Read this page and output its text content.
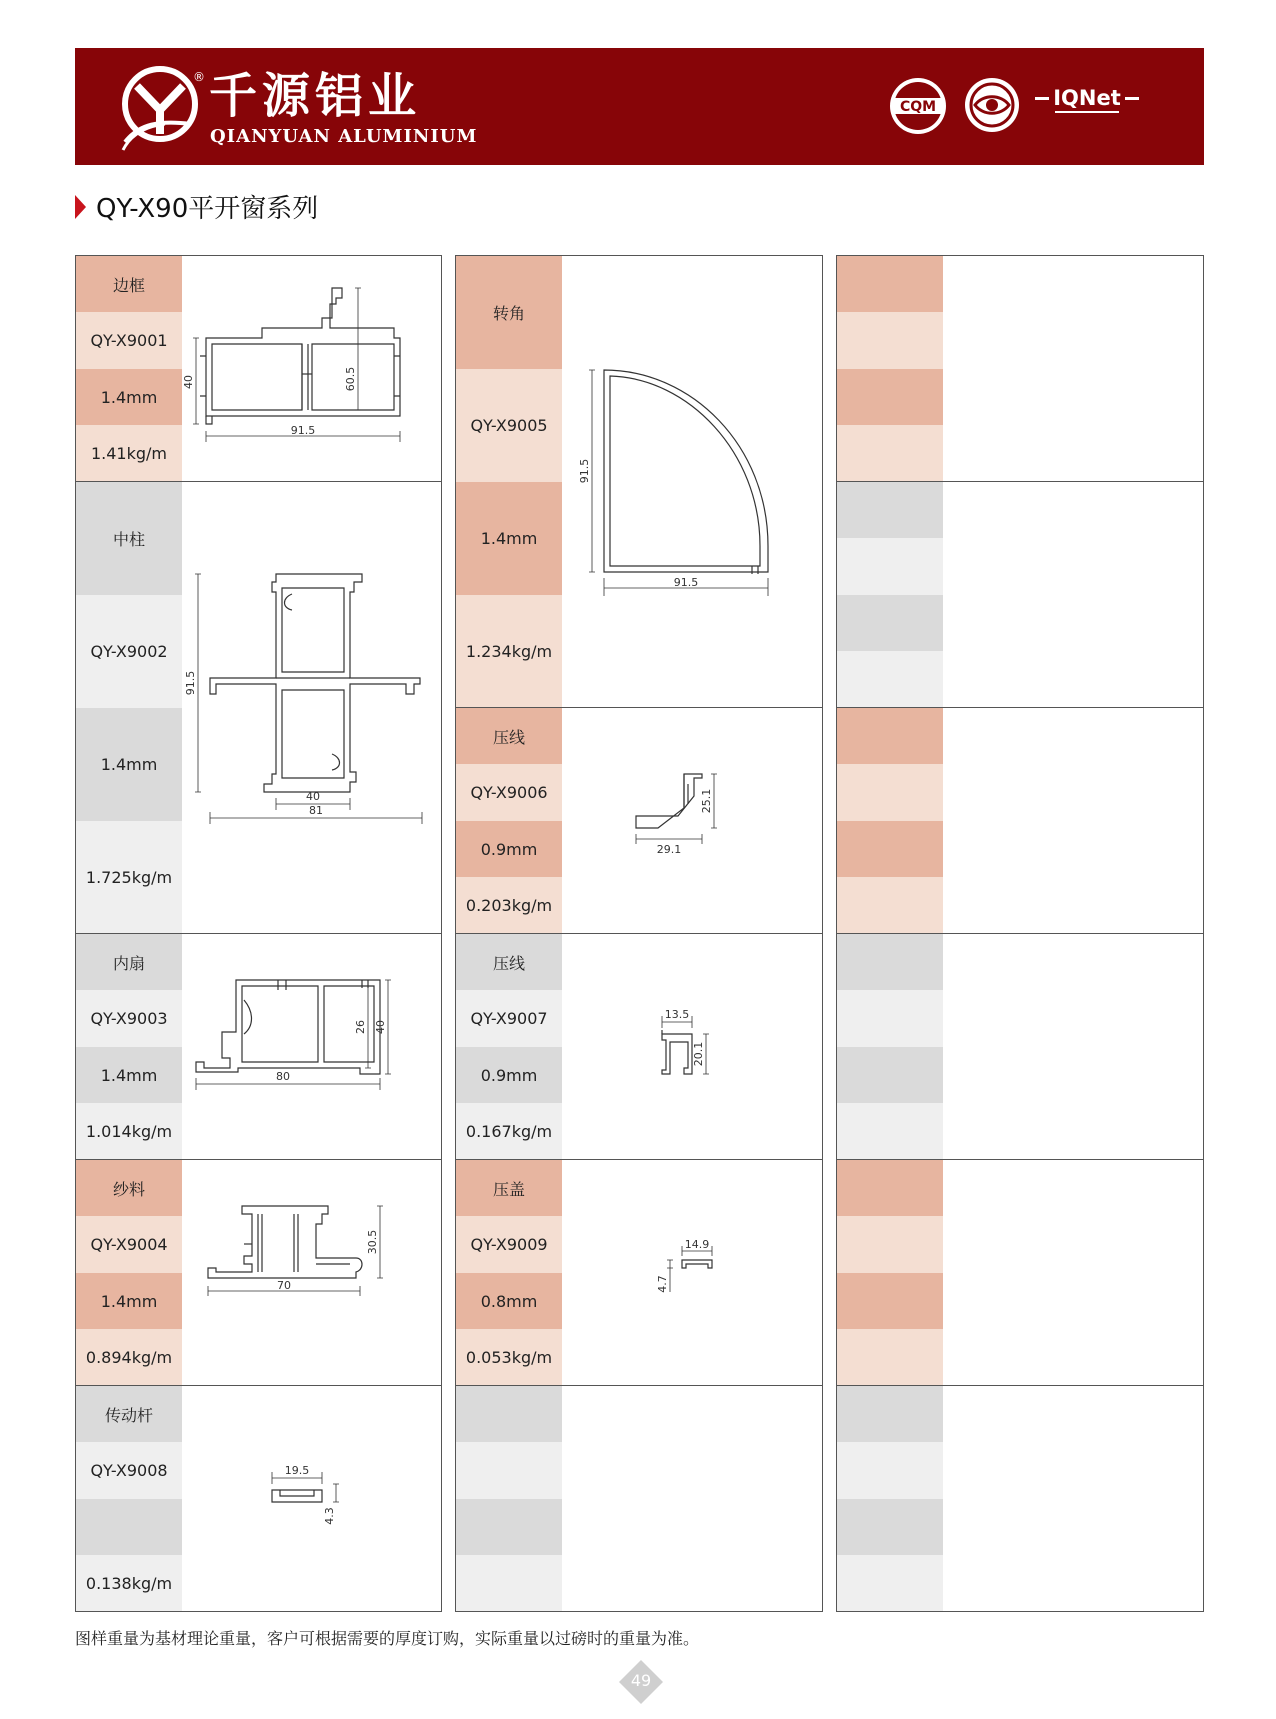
® 千源铝业
QIANYUAN ALUMINIUM
CQM	IQNet
QY-X90平开窗系列
边框
QY-X9001
1.4mm
1.41kg/m
40	60.5
91.5
中柱
QY-X9002
1.4mm
1.725kg/m
91.5
40
81
内扇
QY-X9003
1.4mm
1.014kg/m
26 40
80
纱料
QY-X9004
1.4mm
0.894kg/m
30.5
70
传动杆
QY-X9008
0.138kg/m
19.5
4.3
转角
QY-X9005
1.4mm
1.234kg/m
91.5
91.5
压线
QY-X9006
0.9mm
0.203kg/m
25.1
29.1
压线
QY-X9007
0.9mm
0.167kg/m
13.5
20.1
压盖
QY-X9009
0.8mm
0.053kg/m
14.9
4.7
图样重量为基材理论重量，客户可根据需要的厚度订购，实际重量以过磅时的重量为准。
49
